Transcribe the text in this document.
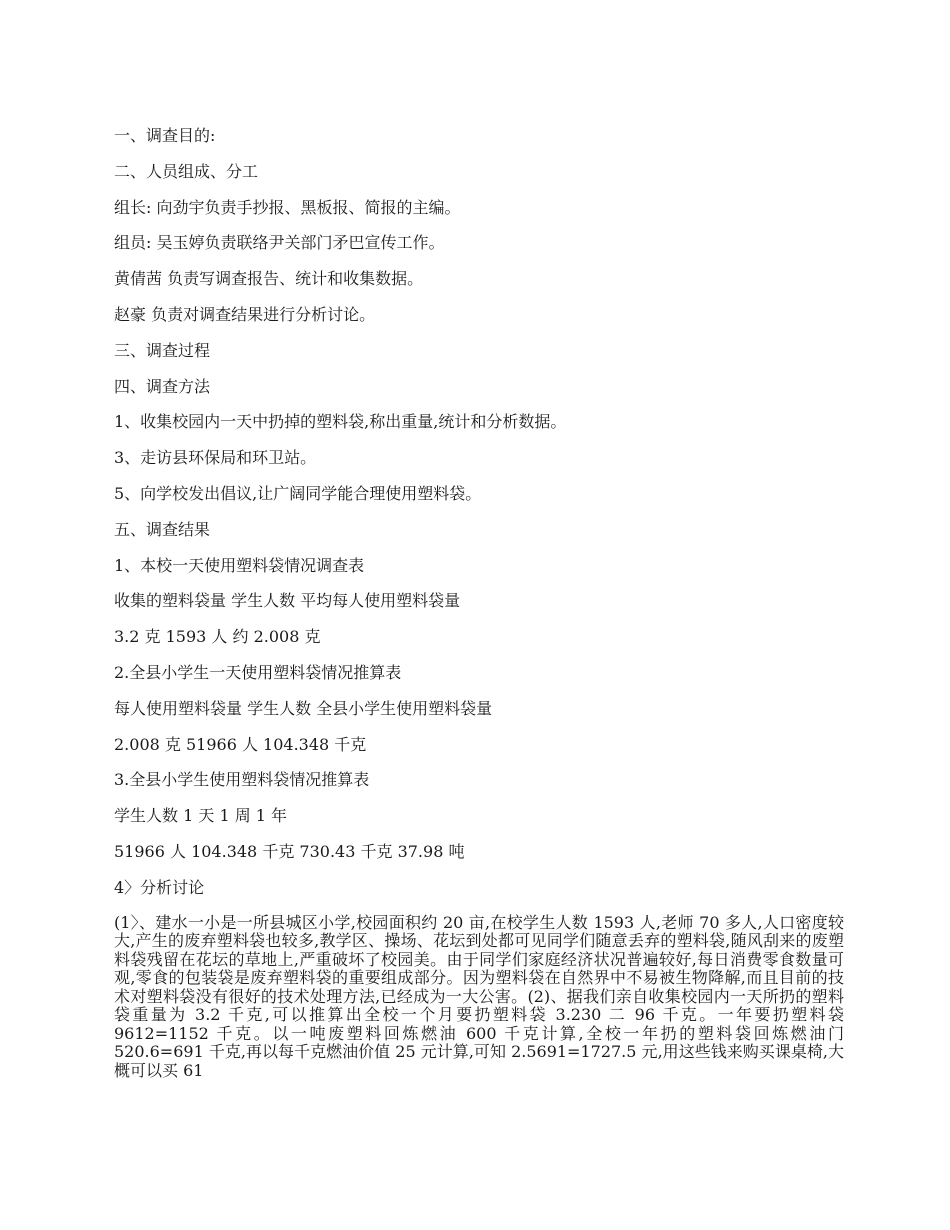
一、调查目的:
二、人员组成、分工
组长: 向劲宇负责手抄报、黑板报、简报的主编。
组员: 吴玉婷负责联络尹关部门矛巴宣传工作。
黄倩茜 负责写调查报告、统计和收集数据。
赵豪 负责对调查结果进行分析讨论。
三、调查过程
四、调查方法
1、收集校园内一天中扔掉的塑料袋,称出重量,统计和分析数据。
3、走访县环保局和环卫站。
5、向学校发出倡议,让广阔同学能合理使用塑料袋。
五、调查结果
1、本校一天使用塑料袋情况调查表
收集的塑料袋量 学生人数 平均每人使用塑料袋量
3.2 克 1593 人 约 2.008 克
2.全县小学生一天使用塑料袋情况推算表
每人使用塑料袋量 学生人数 全县小学生使用塑料袋量
2.008 克 51966 人 104.348 千克
3.全县小学生使用塑料袋情况推算表
学生人数 1 天 1 周 1 年
51966 人 104.348 千克 730.43 千克 37.98 吨
4〉分析讨论

(1〉、建水一小是一所县城区小学,校园面积约 20 亩,在校学生人数 1593 人,老师 70 多人,人口密度较大,产生的废弃塑料袋也较多,教学区、操场、花坛到处都可见同学们随意丢弃的塑料袋,随风刮来的废塑料袋残留在花坛的草地上,严重破坏了校园美。由于同学们家庭经济状况普遍较好,每日消费零食数量可观,零食的包装袋是废弃塑料袋的重要组成部分。因为塑料袋在自然界中不易被生物降解,而且目前的技术对塑料袋没有很好的技术处理方法,已经成为一大公害。(2)、据我们亲自收集校园内一天所扔的塑料袋重量为 3.2 千克,可以推算出全校一个月要扔塑料袋 3.230 二 96 千克。一年要扔塑料袋 9612=1152 千克。以一吨废塑料回炼燃油 600 千克计算,全校一年扔的塑料袋回炼燃油门 520.6=691 千克,再以每千克燃油价值 25 元计算,可知 2.5691=1727.5 元,用这些钱来购买课桌椅,大概可以买 61
